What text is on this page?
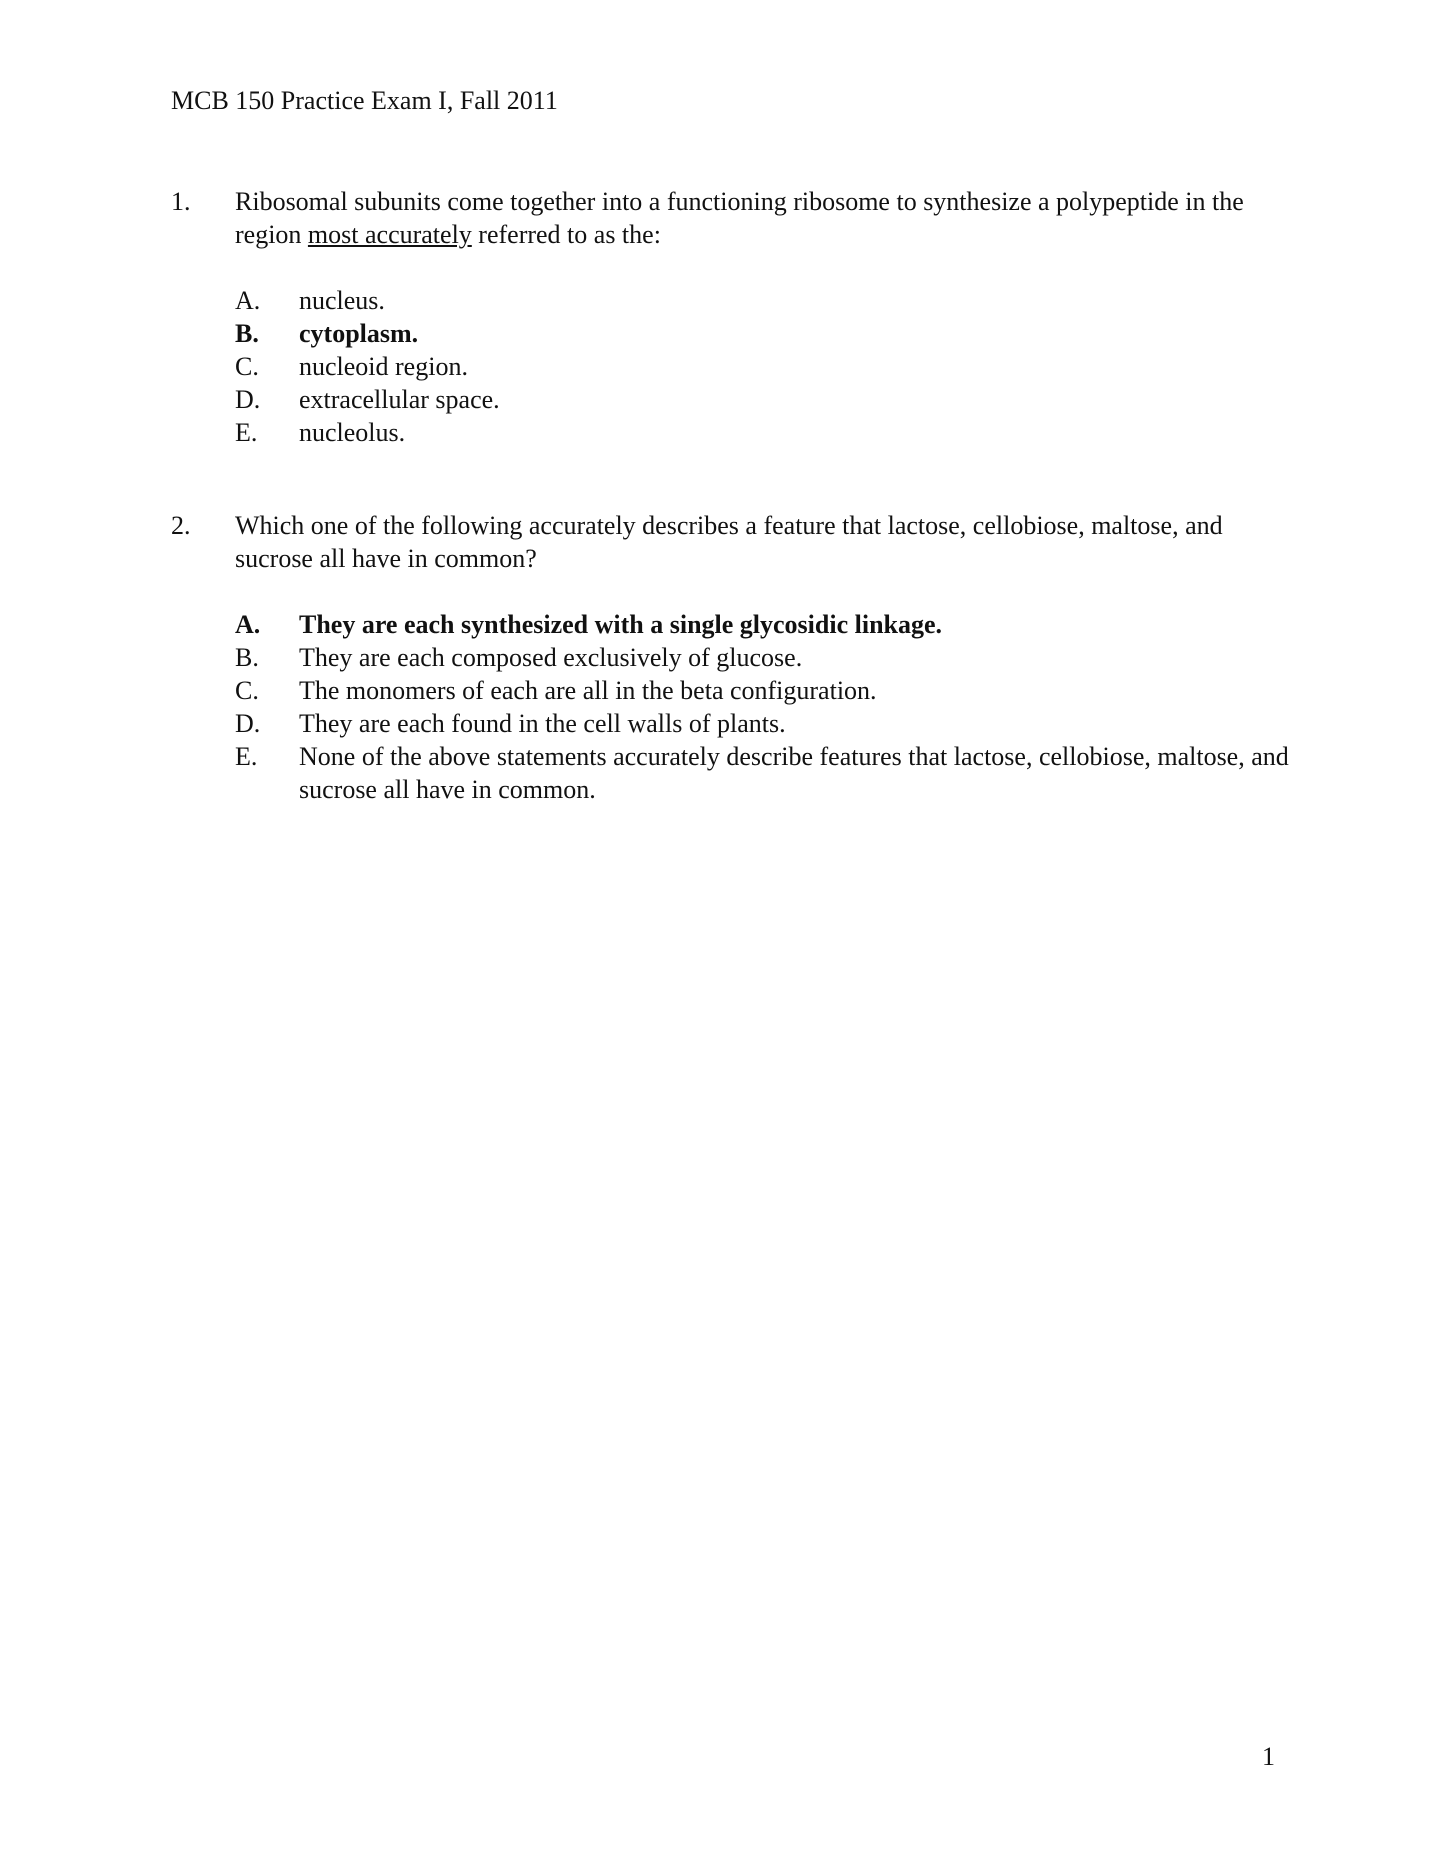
MCB 150 Practice Exam I, Fall 2011
1.	Ribosomal subunits come together into a functioning ribosome to synthesize a polypeptide in the region most accurately referred to as the:
A.	nucleus.
B.	cytoplasm.
C.	nucleoid region.
D.	extracellular space.
E.	nucleolus.
2.	Which one of the following accurately describes a feature that lactose, cellobiose, maltose, and sucrose all have in common?
A.	They are each synthesized with a single glycosidic linkage.
B.	They are each composed exclusively of glucose.
C.	The monomers of each are all in the beta configuration.
D.	They are each found in the cell walls of plants.
E.	None of the above statements accurately describe features that lactose, cellobiose, maltose, and sucrose all have in common.
1
